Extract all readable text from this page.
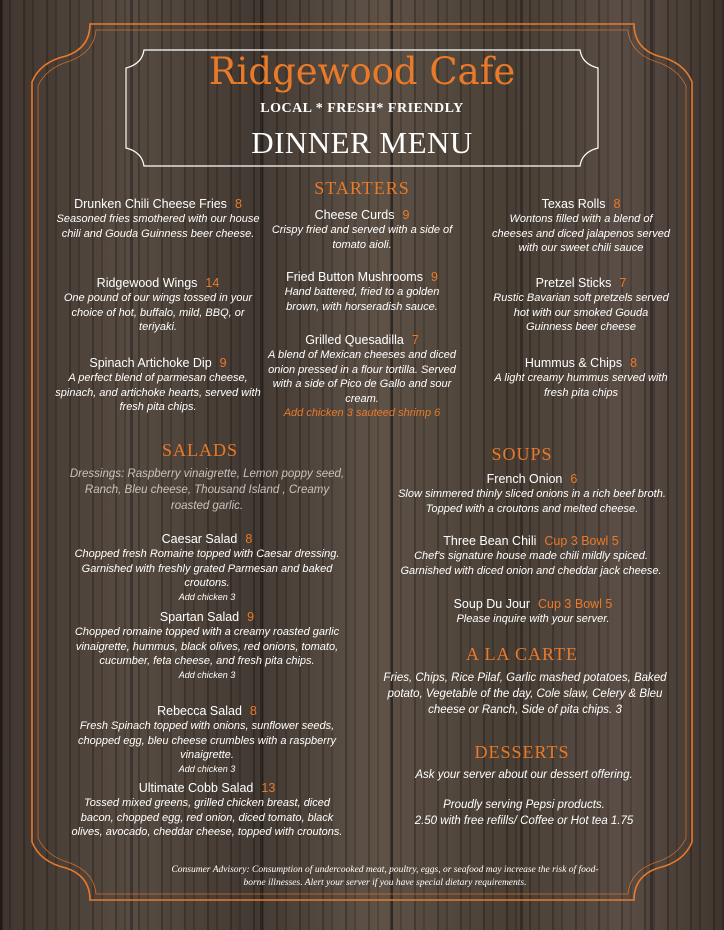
Ridgewood Cafe
LOCAL * FRESH* FRIENDLY
DINNER MENU
STARTERS
Drunken Chili Cheese Fries 8
Seasoned fries smothered with our house chili and Gouda Guinness beer cheese.
Ridgewood Wings 14
One pound of our wings tossed in your choice of hot, buffalo, mild, BBQ, or teriyaki.
Spinach Artichoke Dip 9
A perfect blend of parmesan cheese, spinach, and artichoke hearts, served with fresh pita chips.
Cheese Curds 9
Crispy fried and served with a side of tomato aioli.
Fried Button Mushrooms 9
Hand battered, fried to a golden brown, with horseradish sauce.
Grilled Quesadilla 7
A blend of Mexican cheeses and diced onion pressed in a flour tortilla. Served with a side of Pico de Gallo and sour cream.
Add chicken 3 sauteed shrimp 6
Texas Rolls 8
Wontons filled with a blend of cheeses and diced jalapenos served with our sweet chili sauce
Pretzel Sticks 7
Rustic Bavarian soft pretzels served hot with our smoked Gouda Guinness beer cheese
Hummus & Chips 8
A light creamy hummus served with fresh pita chips
SALADS
Dressings: Raspberry vinaigrette, Lemon poppy seed, Ranch, Bleu cheese, Thousand Island , Creamy roasted garlic.
Caesar Salad 8
Chopped fresh Romaine topped with Caesar dressing. Garnished with freshly grated Parmesan and baked croutons.
Add chicken 3
Spartan Salad 9
Chopped romaine topped with a creamy roasted garlic vinaigrette, hummus, black olives, red onions, tomato, cucumber, feta cheese, and fresh pita chips.
Add chicken 3
Rebecca Salad 8
Fresh Spinach topped with onions, sunflower seeds, chopped egg, bleu cheese crumbles with a raspberry vinaigrette.
Add chicken 3
Ultimate Cobb Salad 13
Tossed mixed greens, grilled chicken breast, diced bacon, chopped egg, red onion, diced tomato, black olives, avocado, cheddar cheese, topped with croutons.
SOUPS
French Onion 6
Slow simmered thinly sliced onions in a rich beef broth. Topped with a croutons and melted cheese.
Three Bean Chili Cup 3 Bowl 5
Chef's signature house made chili mildly spiced. Garnished with diced onion and cheddar jack cheese.
Soup Du Jour Cup 3 Bowl 5
Please inquire with your server.
A LA CARTE
Fries, Chips, Rice Pilaf, Garlic mashed potatoes, Baked potato, Vegetable of the day, Cole slaw, Celery & Bleu cheese or Ranch, Side of pita chips. 3
DESSERTS
Ask your server about our dessert offering.
Proudly serving Pepsi products.
2.50 with free refills/ Coffee or Hot tea 1.75
Consumer Advisory: Consumption of undercooked meat, poultry, eggs, or seafood may increase the risk of food-borne illnesses. Alert your server if you have special dietary requirements.
